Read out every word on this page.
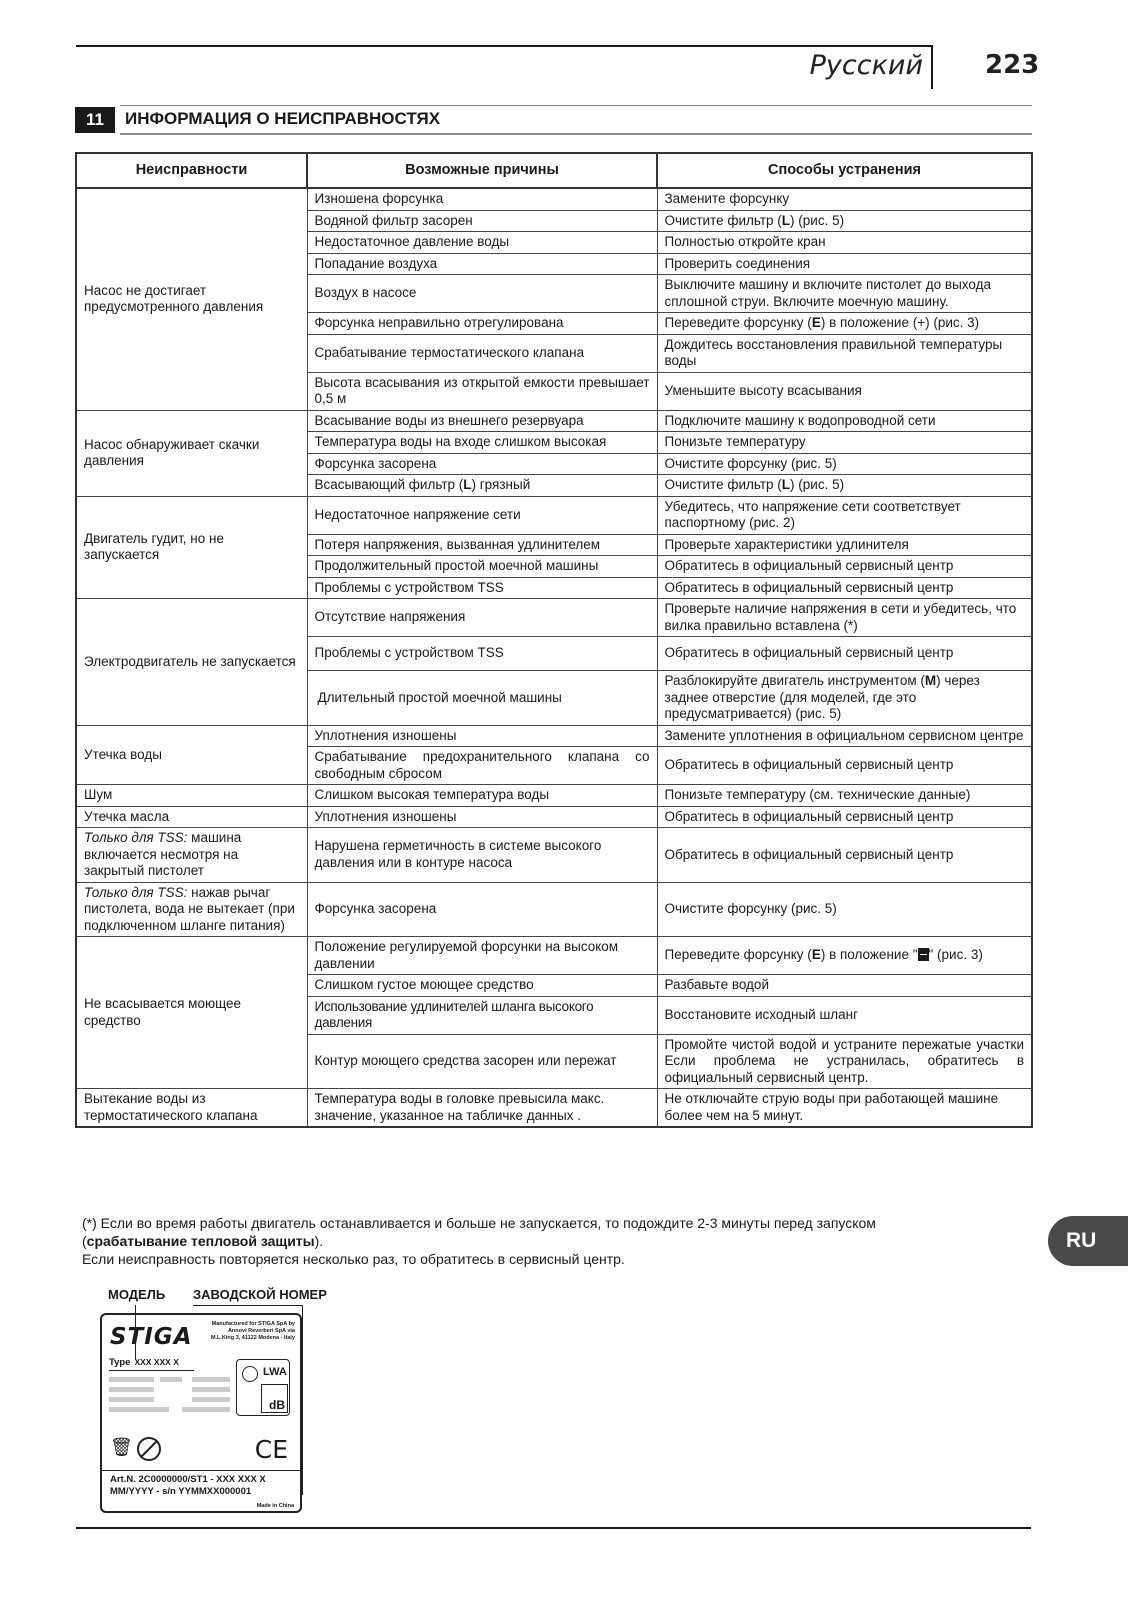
Русский 223
11	ИНФОРМАЦИЯ О НЕИСПРАВНОСТЯХ
Неисправности	Возможные причины	Способы устранения
Насос не достигает предусмотренного давления	Изношена форсунка	Замените форсунку
	Водяной фильтр засорен	Очистите фильтр (L) (рис. 5)
	Недостаточное давление воды	Полностью откройте кран
	Попадание воздуха	Проверить соединения
	Воздух в насосе	Выключите машину и включите пистолет до выхода сплошной струи. Включите моечную машину.
	Форсунка неправильно отрегулирована	Переведите форсунку (E) в положение (+) (рис. 3)
	Срабатывание термостатического клапана	Дождитесь восстановления правильной температуры воды
	Высота всасывания из открытой емкости превышает 0,5 м	Уменьшите высоту всасывания
Насос обнаруживает скачки давления	Всасывание воды из внешнего резервуара	Подключите машину к водопроводной сети
	Температура воды на входе слишком высокая	Понизьте температуру
	Форсунка засорена	Очистите форсунку (рис. 5)
	Всасывающий фильтр (L) грязный	Очистите фильтр (L) (рис. 5)
Двигатель гудит, но не запускается	Недостаточное напряжение сети	Убедитесь, что напряжение сети соответствует паспортному (рис. 2)
	Потеря напряжения, вызванная удлинителем	Проверьте характеристики удлинителя
	Продолжительный простой моечной машины	Обратитесь в официальный сервисный центр
	Проблемы с устройством TSS	Обратитесь в официальный сервисный центр
Электродвигатель не запускается	Отсутствие напряжения	Проверьте наличие напряжения в сети и убедитесь, что вилка правильно вставлена (*)
	Проблемы с устройством TSS	Обратитесь в официальный сервисный центр
	Длительный простой моечной машины	Разблокируйте двигатель инструментом (M) через заднее отверстие (для моделей, где это предусматривается) (рис. 5)
Утечка воды	Уплотнения изношены	Замените уплотнения в официальном сервисном центре
	Срабатывание предохранительного клапана со свободным сбросом	Обратитесь в официальный сервисный центр
Шум	Слишком высокая температура воды	Понизьте температуру (см. технические данные)
Утечка масла	Уплотнения изношены	Обратитесь в официальный сервисный центр
Только для TSS: машина включается несмотря на закрытый пистолет	Нарушена герметичность в системе высокого давления или в контуре насоса	Обратитесь в официальный сервисный центр
Только для TSS: нажав рычаг пистолета, вода не вытекает (при подключенном шланге питания)	Форсунка засорена	Очистите форсунку (рис. 5)
Не всасывается моющее средство	Положение регулируемой форсунки на высоком давлении	Переведите форсунку (E) в положение " " (рис. 3)
	Слишком густое моющее средство	Разбавьте водой
	Использование удлинителей шланга высокого давления	Восстановите исходный шланг
	Контур моющего средства засорен или пережат	Промойте чистой водой и устраните пережатые участки Если проблема не устранилась, обратитесь в официальный сервисный центр.
Вытекание воды из термостатического клапана	Температура воды в головке превысила макс. значение, указанное на табличке данных .	Не отключайте струю воды при работающей машине более чем на 5 минут.
(*) Если во время работы двигатель останавливается и больше не запускается, то подождите 2-3 минуты перед запуском
(срабатывание тепловой защиты).
Если неисправность повторяется несколько раз, то обратитесь в сервисный центр.
RU
МОДЕЛЬ ЗАВОДСКОЙ НОМЕР
STIGA	Manufactured for STIGA SpA by Annovi Reverberi SpA via M.L.King 3, 41122 Modena - Italy
Type XXX XXX X
LWA
dB
🗑	CE
Art.N. 2C0000000/ST1 - XXX XXX X
MM/YYYY - s/n YYMMXX000001
Made in China
